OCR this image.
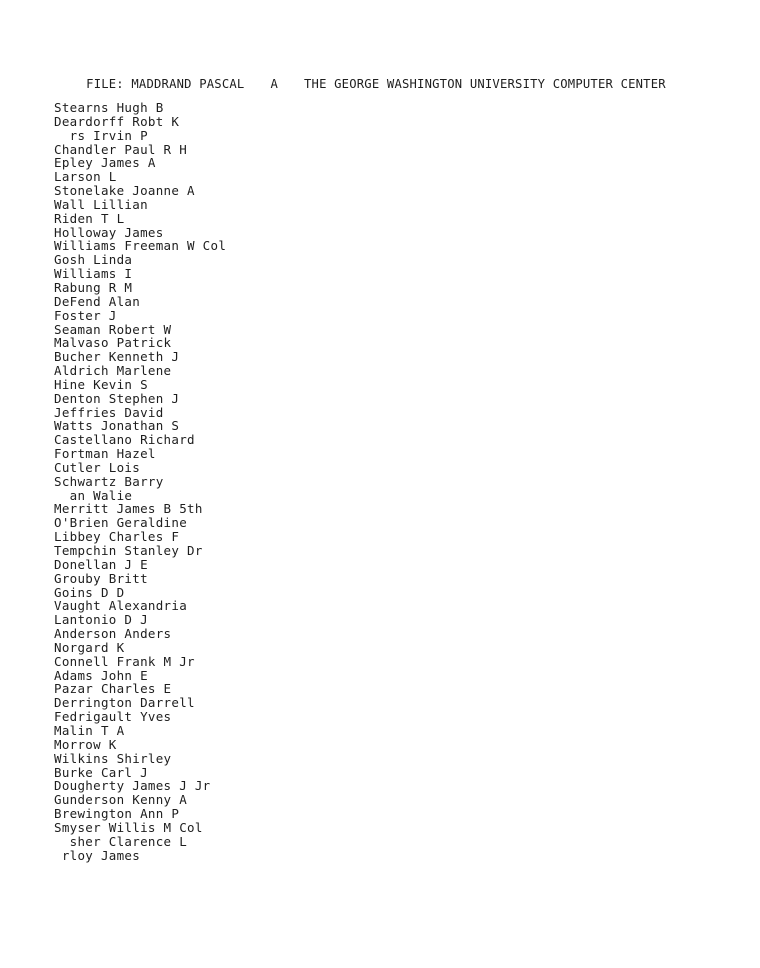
FILE: MADDRAND PASCAL A THE GEORGE WASHINGTON UNIVERSITY COMPUTER CENTER

Stearns Hugh B
Deardorff Robt K
rs Irvin P
Chandler Paul R H
Epley James A
Larson L
Stonelake Joanne A
Wall Lillian
Riden T L
Holloway James
Williams Freeman W Col
Gosh Linda
Williams I
Rabung R M
DeFend Alan
Foster J
Seaman Robert W
Malvaso Patrick
Bucher Kenneth J
Aldrich Marlene
Hine Kevin S
Denton Stephen J
Jeffries David
Watts Jonathan S
Castellano Richard
Fortman Hazel
Cutler Lois
Schwartz Barry
an Walie
Merritt James B 5th
O'Brien Geraldine
Libbey Charles F
Tempchin Stanley Dr
Donellan J E
Grouby Britt
Goins D D
Vaught Alexandria
Lantonio D J
Anderson Anders
Norgard K
Connell Frank M Jr
Adams John E
Pazar Charles E
Derrington Darrell
Fedrigault Yves
Malin T A
Morrow K
Wilkins Shirley
Burke Carl J
Dougherty James J Jr
Gunderson Kenny A
Brewington Ann P
Smyser Willis M Col
sher Clarence L
rloy James
